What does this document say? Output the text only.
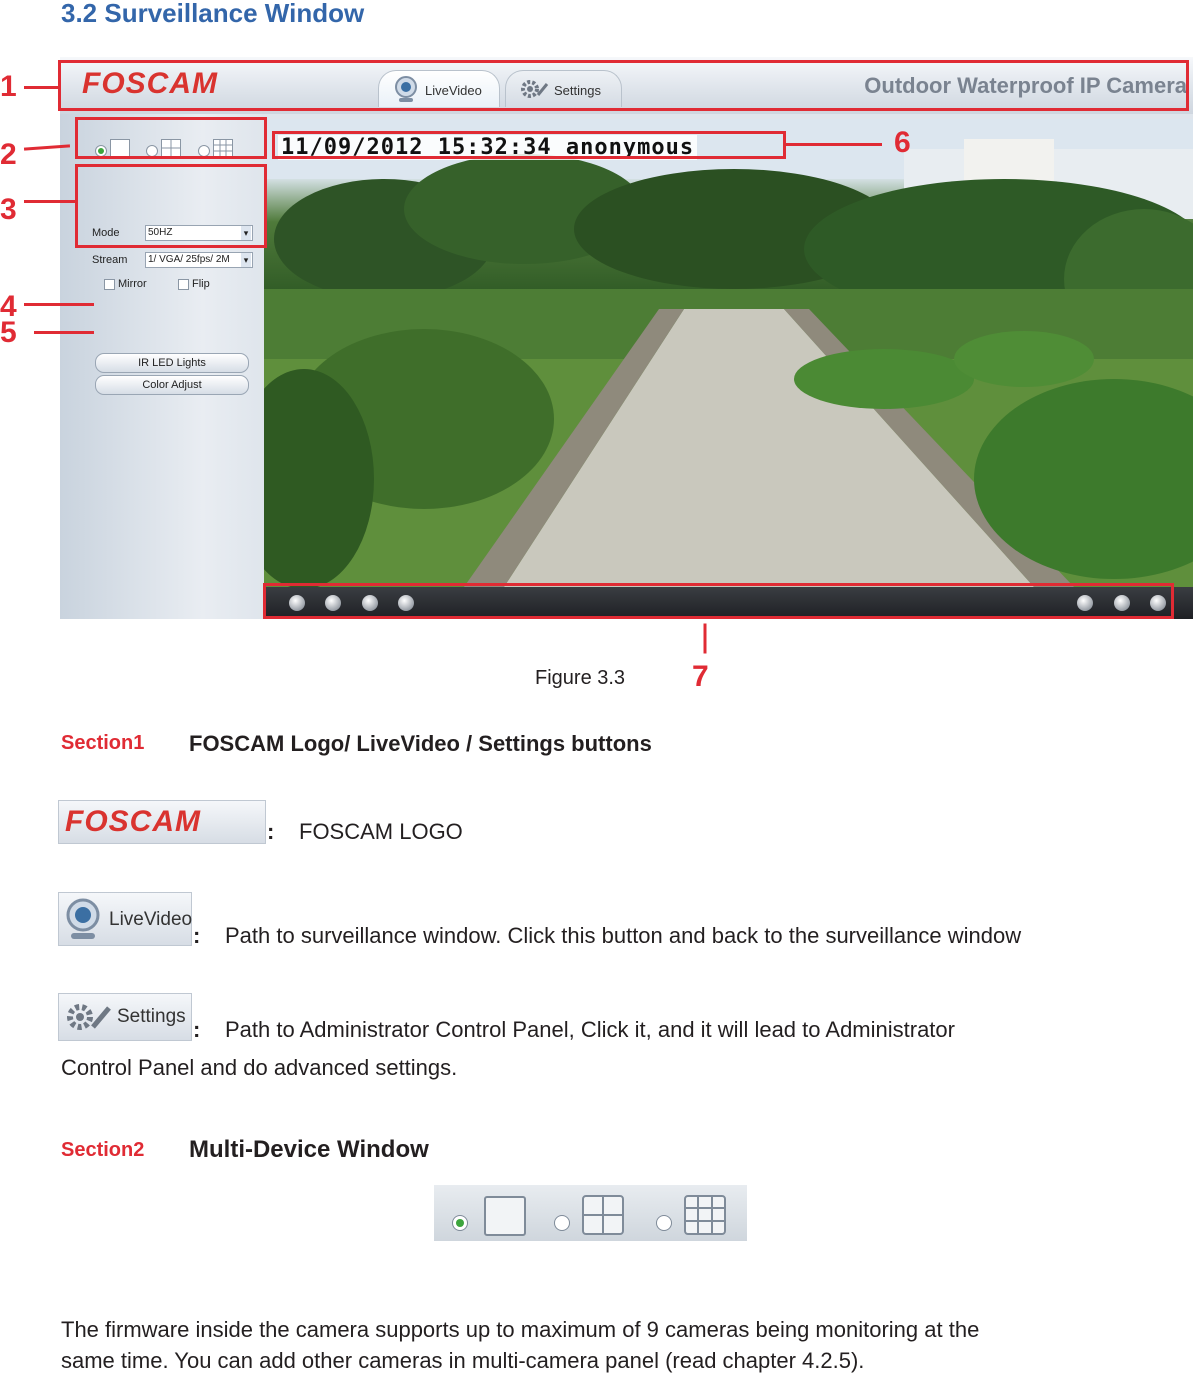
3.2 Surveillance Window
FOSCAM	LiveVideo	Settings	Outdoor Waterproof IP Camera
Mode	50HZ ▾
Stream	1/ VGA/ 25fps/ 2M ▾
Mirror	Flip
IR LED Lights
Color Adjust
11/09/2012 15:32:34 anonymous
1
2
3
4
5
6
7
Figure 3.3
Section1 FOSCAM Logo/ LiveVideo / Settings buttons
FOSCAM	: FOSCAM LOGO
LiveVideo
: Path to surveillance window. Click this button and back to the surveillance window
Settings
: Path to Administrator Control Panel, Click it, and it will lead to Administrator
Control Panel and do advanced settings.
Section2 Multi-Device Window
The firmware inside the camera supports up to maximum of 9 cameras being monitoring at the
same time. You can add other cameras in multi-camera panel (read chapter 4.2.5).
